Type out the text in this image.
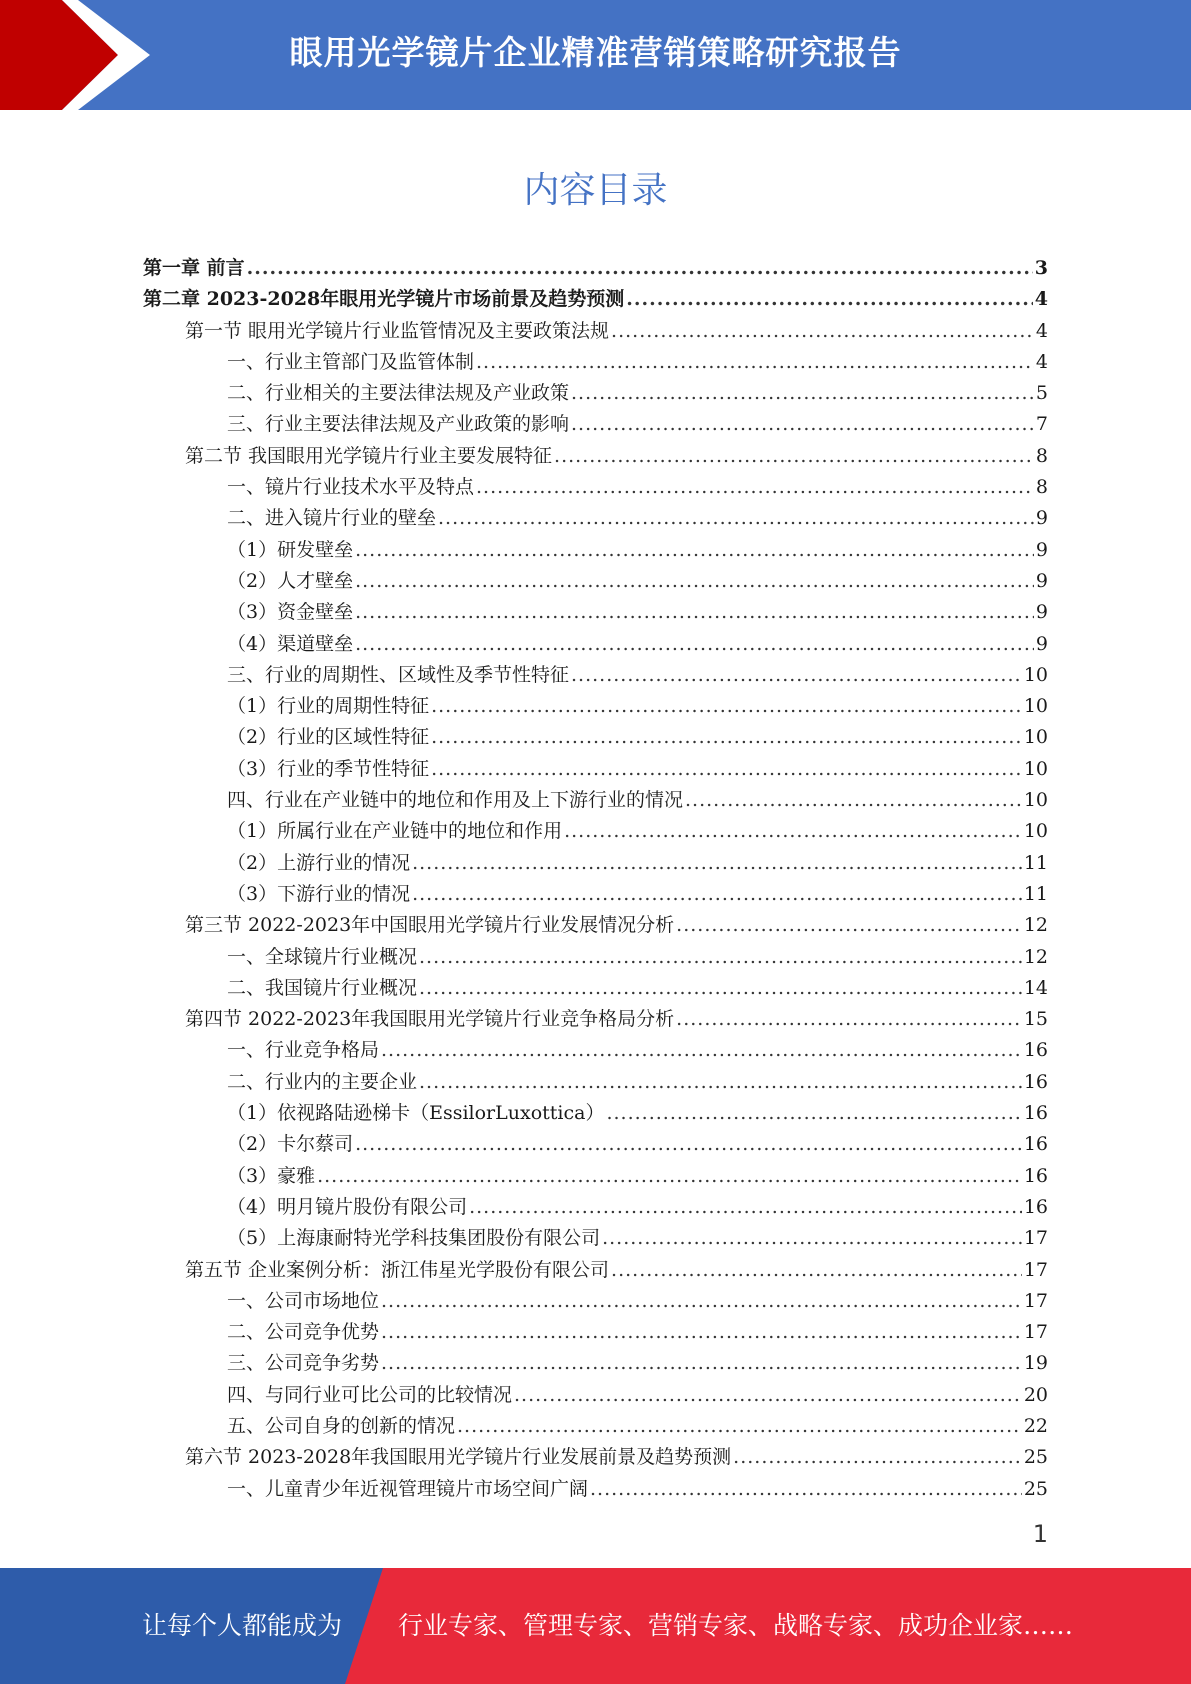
眼用光学镜片企业精准营销策略研究报告
内容目录
第一章 前言 .....	3
第二章 2023-2028年眼用光学镜片市场前景及趋势预测 .....	4
第一节 眼用光学镜片行业监管情况及主要政策法规 .....	4
一、行业主管部门及监管体制 .....	4
二、行业相关的主要法律法规及产业政策 .....	5
三、行业主要法律法规及产业政策的影响 .....	7
第二节 我国眼用光学镜片行业主要发展特征 .....	8
一、镜片行业技术水平及特点 .....	8
二、进入镜片行业的壁垒 .....	9
（1）研发壁垒 .....	9
（2）人才壁垒 .....	9
（3）资金壁垒 .....	9
（4）渠道壁垒 .....	9
三、行业的周期性、区域性及季节性特征 .....	10
（1）行业的周期性特征 .....	10
（2）行业的区域性特征 .....	10
（3）行业的季节性特征 .....	10
四、行业在产业链中的地位和作用及上下游行业的情况 .....	10
（1）所属行业在产业链中的地位和作用 .....	10
（2）上游行业的情况 .....	11
（3）下游行业的情况 .....	11
第三节 2022-2023年中国眼用光学镜片行业发展情况分析 .....	12
一、全球镜片行业概况 .....	12
二、我国镜片行业概况 .....	14
第四节 2022-2023年我国眼用光学镜片行业竞争格局分析 .....	15
一、行业竞争格局 .....	16
二、行业内的主要企业 .....	16
（1）依视路陆逊梯卡（EssilorLuxottica） .....	16
（2）卡尔蔡司 .....	16
（3）豪雅 .....	16
（4）明月镜片股份有限公司 .....	16
（5）上海康耐特光学科技集团股份有限公司 .....	17
第五节 企业案例分析：浙江伟星光学股份有限公司 .....	17
一、公司市场地位 .....	17
二、公司竞争优势 .....	17
三、公司竞争劣势 .....	19
四、与同行业可比公司的比较情况 .....	20
五、公司自身的创新的情况 .....	22
第六节 2023-2028年我国眼用光学镜片行业发展前景及趋势预测 .....	25
一、儿童青少年近视管理镜片市场空间广阔 .....	25
1
让每个人都能成为 行业专家、管理专家、营销专家、战略专家、成功企业家……
